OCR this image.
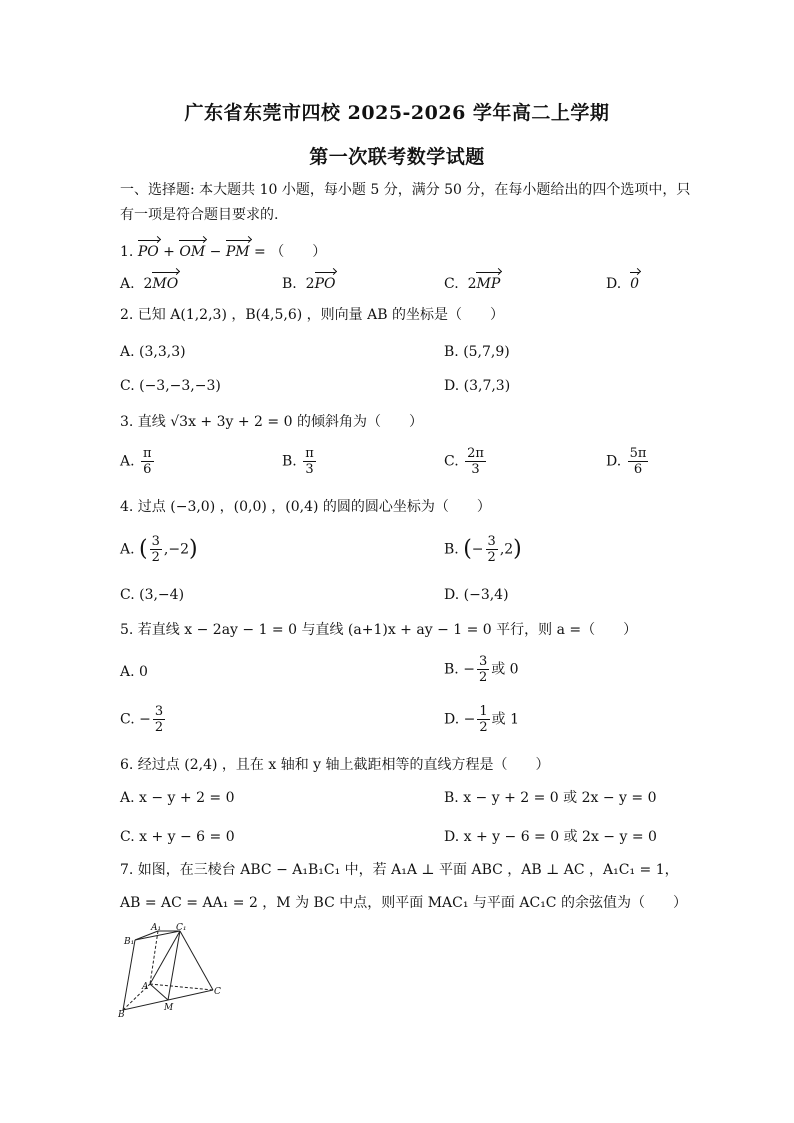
广东省东莞市四校 2025-2026 学年高二上学期
第一次联考数学试题
一、选择题: 本大题共 10 小题，每小题 5 分，满分 50 分，在每小题给出的四个选项中，只
有一项是符合题目要求的.
1. PO + OM − PM = （　　）
A.  2MO	B.  2PO	C.  2MP	D. 0
2. 已知 A(1,2,3) ，B(4,5,6) ，则向量 AB 的坐标是（　　）
A. (3,3,3)	B. (5,7,9)
C. (−3,−3,−3)	D. (3,7,3)
3. 直线 √3x + 3y + 2 = 0 的倾斜角为（　　）
A. $\frac{\pi}{6}$	B. $\frac{\pi}{3}$	C. $\frac{2\pi}{3}$	D. $\frac{5\pi}{6}$
4. 过点 (−3,0) ，(0,0) ，(0,4) 的圆的圆心坐标为（　　）
A. ( $\frac{3}{2} ,-2$)	B. (− $\frac{3}{2} ,2$)
C. (3,−4)	D. (−3,4)
5. 若直线 x − 2ay − 1 = 0 与直线 (a+1)x + ay − 1 = 0 平行，则 a =（　　）
A. 0	B. − $\frac{3}{2}$ 或 0
C. − $\frac{3}{2}$	D. − $\frac{1}{2}$ 或 1
6. 经过点 (2,4) ，且在 x 轴和 y 轴上截距相等的直线方程是（　　）
A. x − y + 2 = 0	B. x − y + 2 = 0 或 2x − y = 0
C. x + y − 6 = 0	D. x + y − 6 = 0 或 2x − y = 0
7. 如图，在三棱台 ABC − A₁B₁C₁ 中，若 A₁A ⊥ 平面 ABC ，AB ⊥ AC ，A₁C₁ = 1，
AB = AC = AA₁ = 2 ，M 为 BC 中点，则平面 MAC₁ 与平面 AC₁C 的余弦值为（　　）
A₁
B₁
C₁
A
B
C
M
